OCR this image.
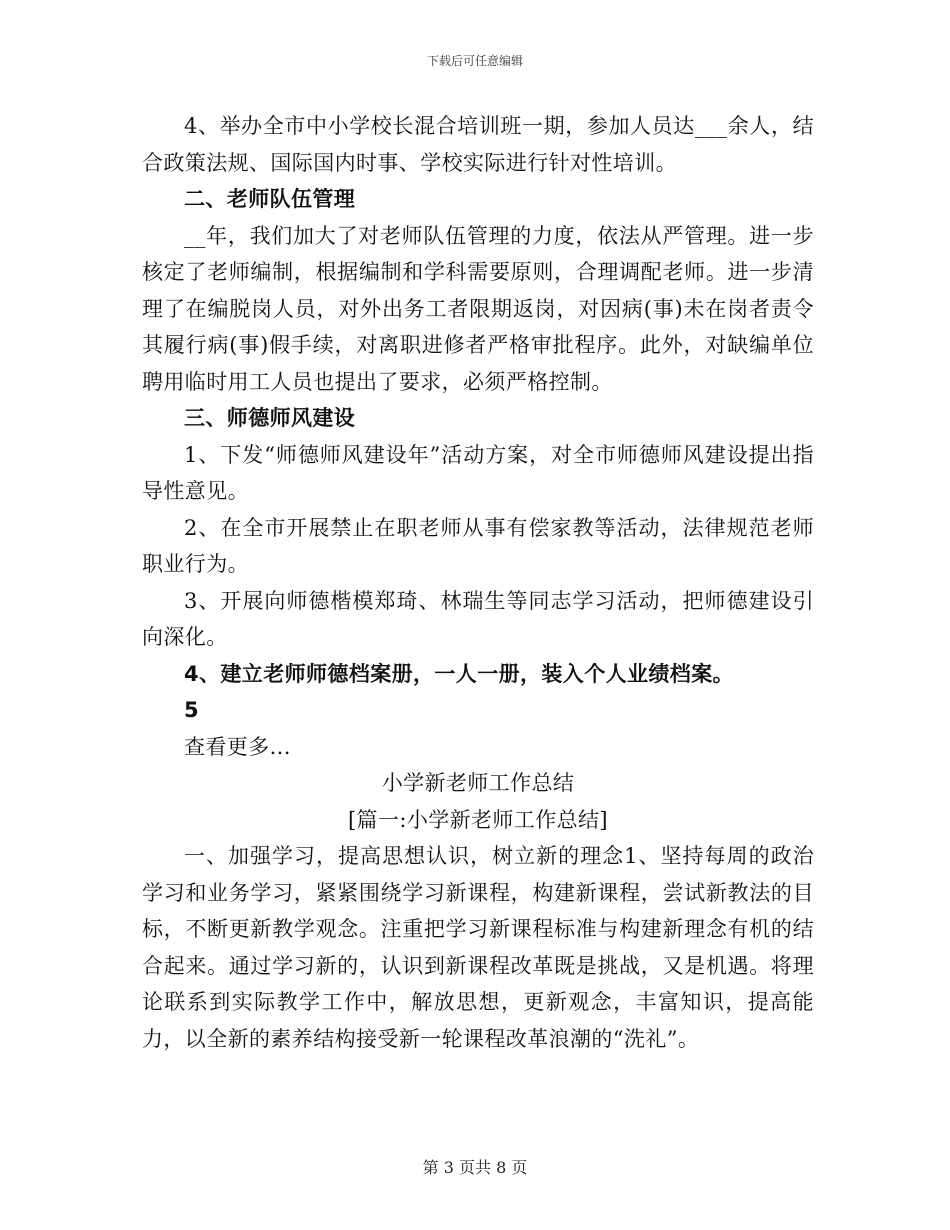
下载后可任意编辑

4、举办全市中小学校长混合培训班一期，参加人员达___余人，结合政策法规、国际国内时事、学校实际进行针对性培训。

二、老师队伍管理

__年，我们加大了对老师队伍管理的力度，依法从严管理。进一步核定了老师编制，根据编制和学科需要原则，合理调配老师。进一步清理了在编脱岗人员，对外出务工者限期返岗，对因病(事)未在岗者责令其履行病(事)假手续，对离职进修者严格审批程序。此外，对缺编单位聘用临时用工人员也提出了要求，必须严格控制。

三、师德师风建设

1、下发“师德师风建设年”活动方案，对全市师德师风建设提出指导性意见。

2、在全市开展禁止在职老师从事有偿家教等活动，法律规范老师职业行为。

3、开展向师德楷模郑琦、林瑞生等同志学习活动，把师德建设引向深化。

4、建立老师师德档案册，一人一册，装入个人业绩档案。

5

查看更多...

小学新老师工作总结

[篇一:小学新老师工作总结]

一、加强学习，提高思想认识，树立新的理念1、坚持每周的政治学习和业务学习，紧紧围绕学习新课程，构建新课程，尝试新教法的目标，不断更新教学观念。注重把学习新课程标准与构建新理念有机的结合起来。通过学习新的，认识到新课程改革既是挑战，又是机遇。将理论联系到实际教学工作中，解放思想，更新观念，丰富知识，提高能力，以全新的素养结构接受新一轮课程改革浪潮的“洗礼”。

第 3 页共 8 页
